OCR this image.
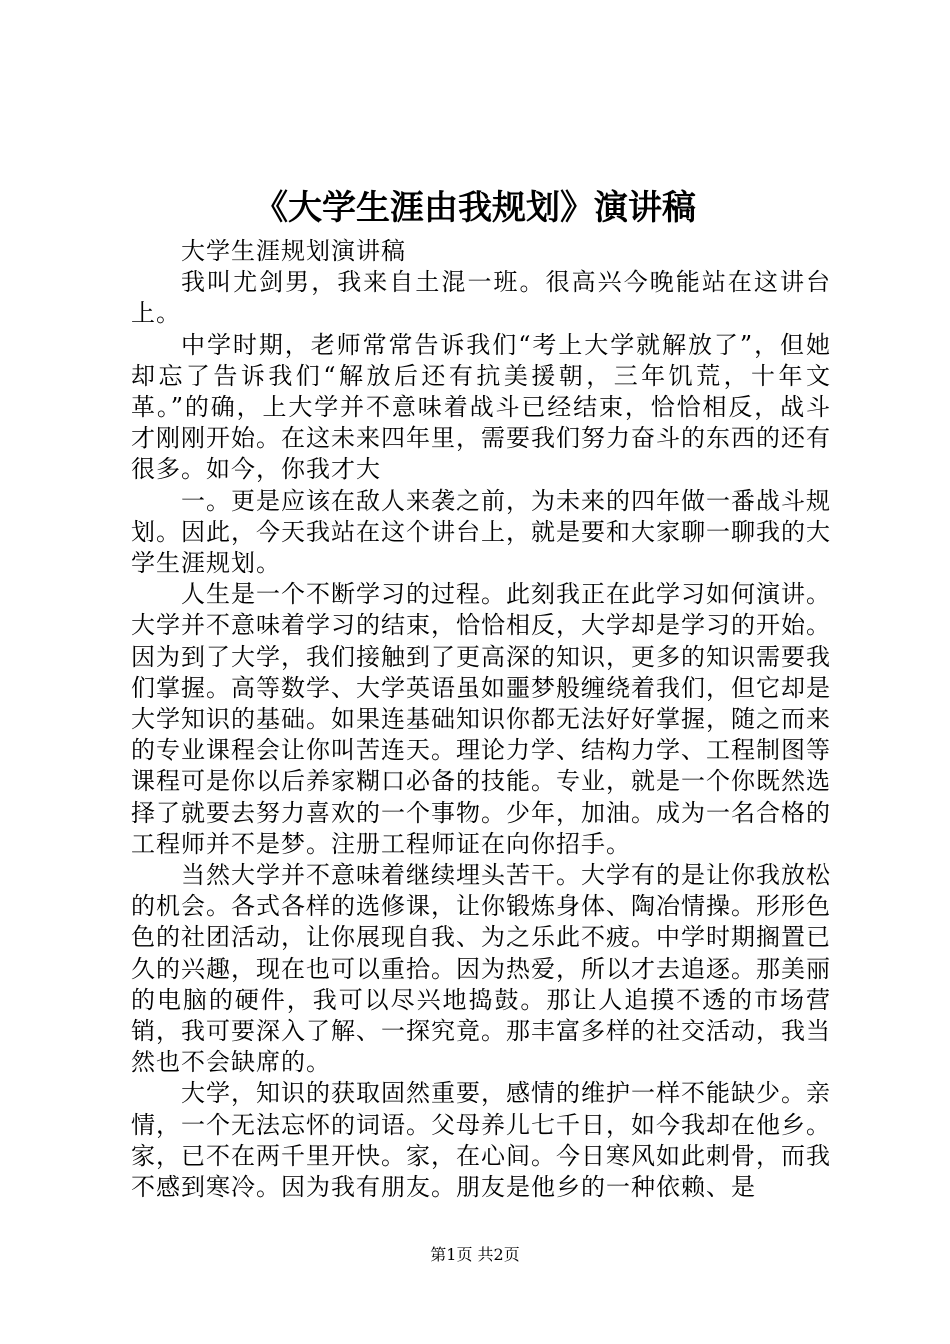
《大学生涯由我规划》演讲稿

大学生涯规划演讲稿

我叫尤剑男，我来自土混一班。很高兴今晚能站在这讲台上。

中学时期，老师常常告诉我们“考上大学就解放了”，但她却忘了告诉我们“解放后还有抗美援朝，三年饥荒，十年文革。”的确，上大学并不意味着战斗已经结束，恰恰相反，战斗才刚刚开始。在这未来四年里，需要我们努力奋斗的东西的还有很多。如今，你我才大

一。更是应该在敌人来袭之前，为未来的四年做一番战斗规划。因此，今天我站在这个讲台上，就是要和大家聊一聊我的大学生涯规划。

人生是一个不断学习的过程。此刻我正在此学习如何演讲。大学并不意味着学习的结束，恰恰相反，大学却是学习的开始。因为到了大学，我们接触到了更高深的知识，更多的知识需要我们掌握。高等数学、大学英语虽如噩梦般缠绕着我们，但它却是大学知识的基础。如果连基础知识你都无法好好掌握，随之而来的专业课程会让你叫苦连天。理论力学、结构力学、工程制图等课程可是你以后养家糊口必备的技能。专业，就是一个你既然选择了就要去努力喜欢的一个事物。少年，加油。成为一名合格的工程师并不是梦。注册工程师证在向你招手。

当然大学并不意味着继续埋头苦干。大学有的是让你我放松的机会。各式各样的选修课，让你锻炼身体、陶冶情操。形形色色的社团活动，让你展现自我、为之乐此不疲。中学时期搁置已久的兴趣，现在也可以重拾。因为热爱，所以才去追逐。那美丽的电脑的硬件，我可以尽兴地捣鼓。那让人追摸不透的市场营销，我可要深入了解、一探究竟。那丰富多样的社交活动，我当然也不会缺席的。

大学，知识的获取固然重要，感情的维护一样不能缺少。亲情，一个无法忘怀的词语。父母养儿七千日，如今我却在他乡。家，已不在两千里开快。家，在心间。今日寒风如此刺骨，而我不感到寒冷。因为我有朋友。朋友是他乡的一种依赖、是

第1页 共2页
